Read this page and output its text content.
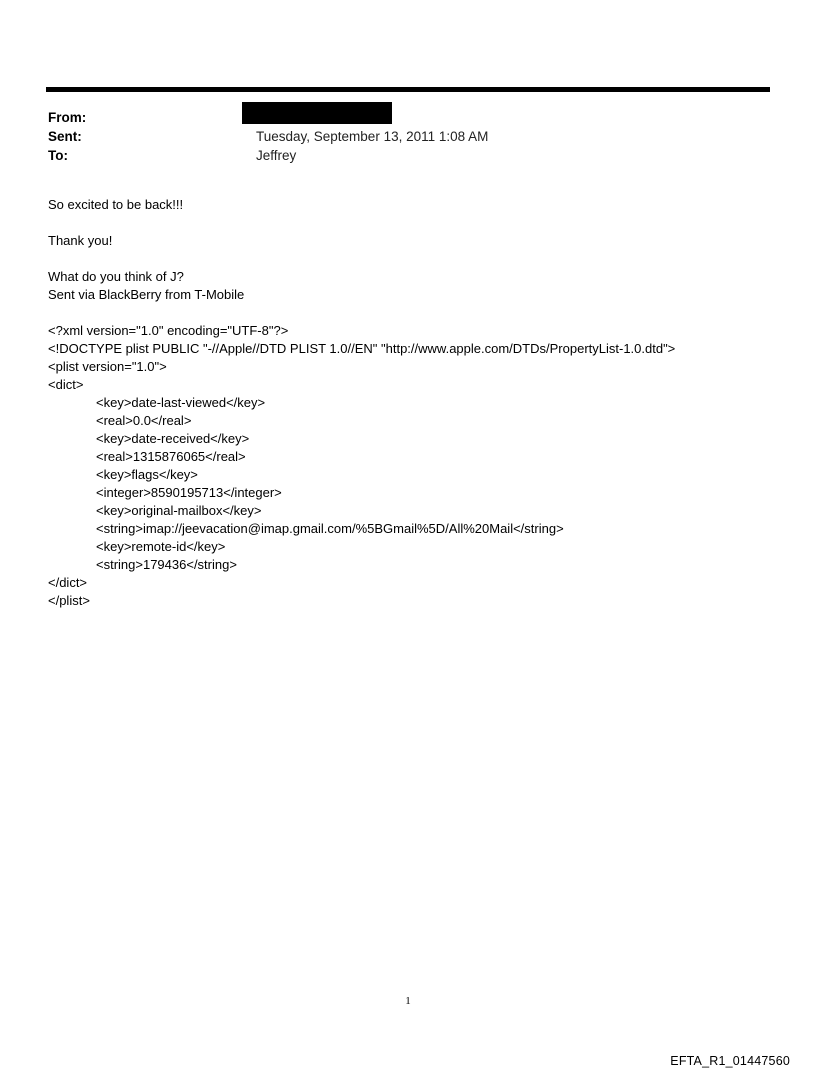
From:
Sent:	Tuesday, September 13, 2011 1:08 AM
To:	Jeffrey

So excited to be back!!!

Thank you!

What do you think of J?
Sent via BlackBerry from T-Mobile
<?xml version="1.0" encoding="UTF-8"?>
<!DOCTYPE plist PUBLIC "-//Apple//DTD PLIST 1.0//EN" "http://www.apple.com/DTDs/PropertyList-1.0.dtd">
<plist version="1.0">
<dict>
<key>date-last-viewed</key>
<real>0.0</real>
<key>date-received</key>
<real>1315876065</real>
<key>flags</key>
<integer>8590195713</integer>
<key>original-mailbox</key>
<string>imap://jeevacation@imap.gmail.com/%5BGmail%5D/All%20Mail</string>
<key>remote-id</key>
<string>179436</string>
</dict>
</plist>
1
EFTA_R1_01447560
